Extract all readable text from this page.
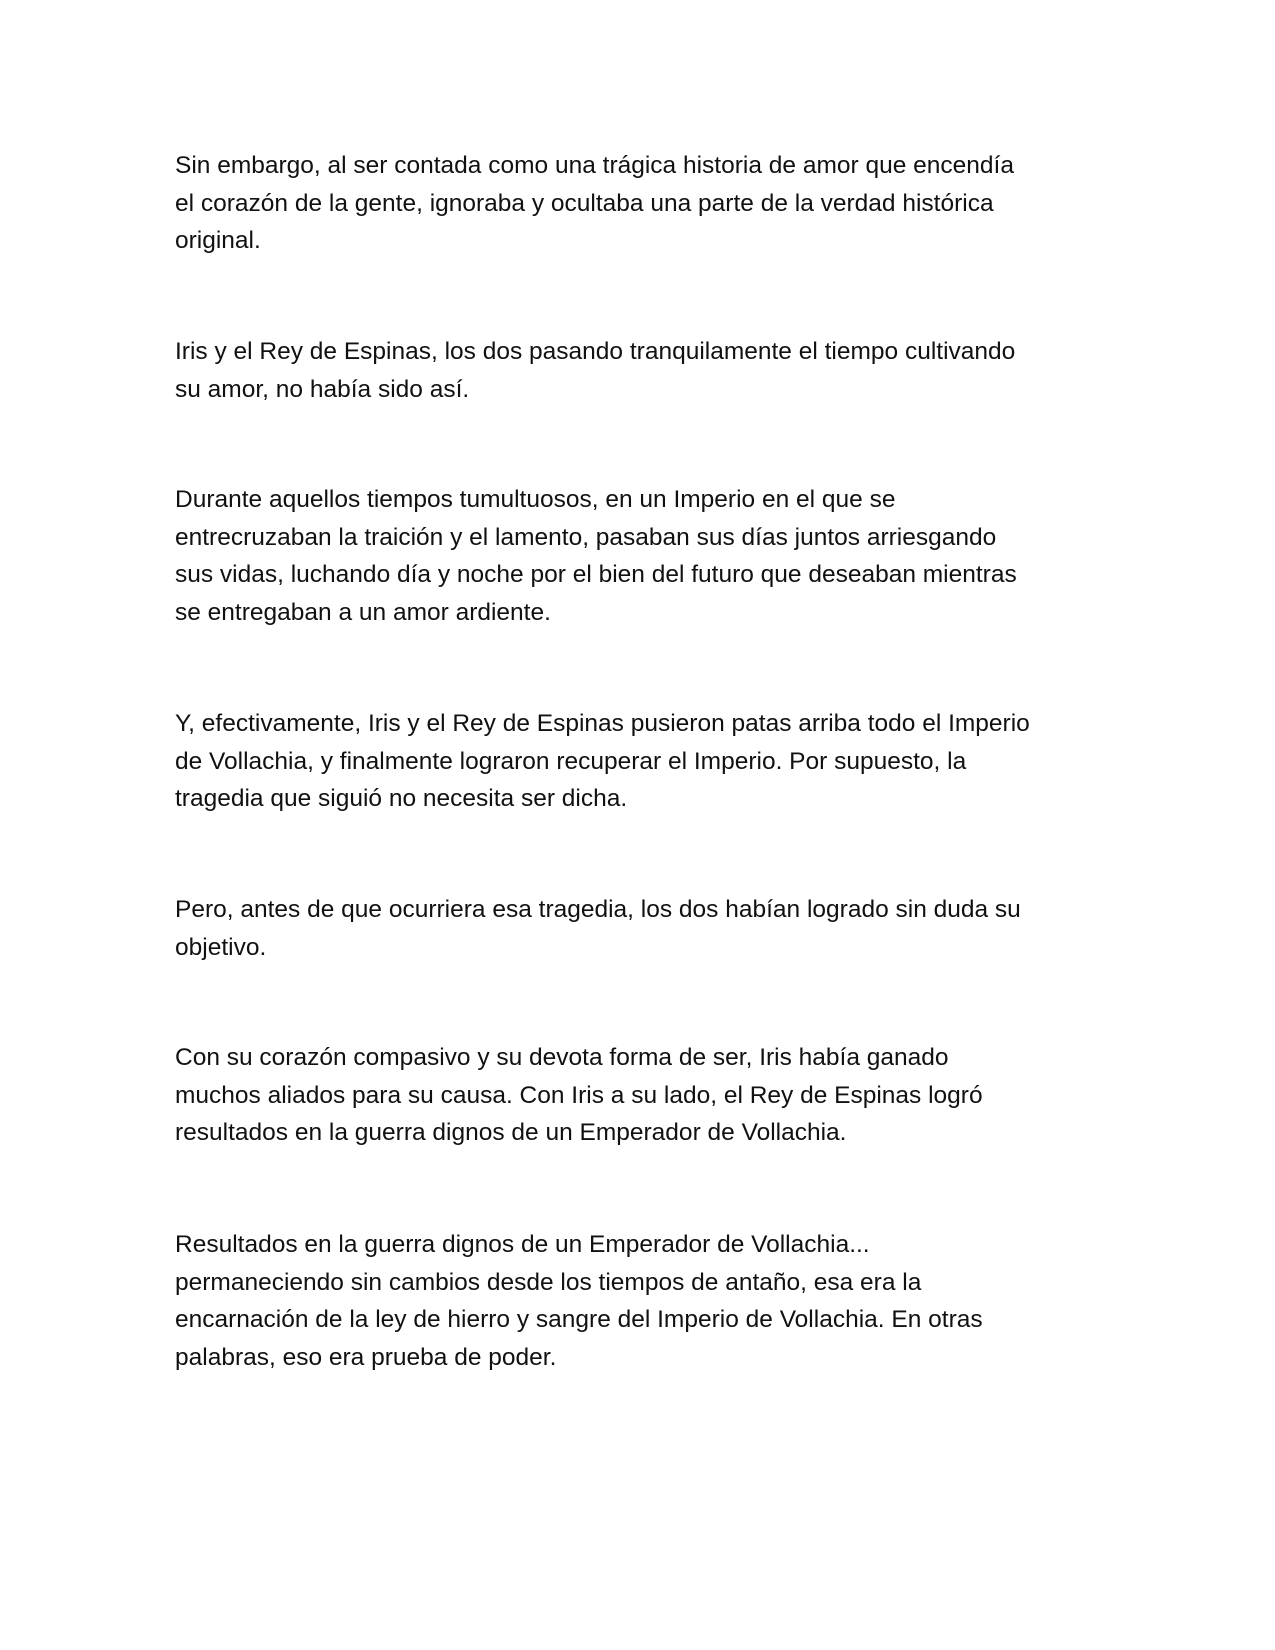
Sin embargo, al ser contada como una trágica historia de amor que encendía
el corazón de la gente, ignoraba y ocultaba una parte de la verdad histórica
original.

Iris y el Rey de Espinas, los dos pasando tranquilamente el tiempo cultivando
su amor, no había sido así.

Durante aquellos tiempos tumultuosos, en un Imperio en el que se
entrecruzaban la traición y el lamento, pasaban sus días juntos arriesgando
sus vidas, luchando día y noche por el bien del futuro que deseaban mientras
se entregaban a un amor ardiente.

Y, efectivamente, Iris y el Rey de Espinas pusieron patas arriba todo el Imperio
de Vollachia, y finalmente lograron recuperar el Imperio. Por supuesto, la
tragedia que siguió no necesita ser dicha.

Pero, antes de que ocurriera esa tragedia, los dos habían logrado sin duda su
objetivo.

Con su corazón compasivo y su devota forma de ser, Iris había ganado
muchos aliados para su causa. Con Iris a su lado, el Rey de Espinas logró
resultados en la guerra dignos de un Emperador de Vollachia.

Resultados en la guerra dignos de un Emperador de Vollachia...
permaneciendo sin cambios desde los tiempos de antaño, esa era la
encarnación de la ley de hierro y sangre del Imperio de Vollachia. En otras
palabras, eso era prueba de poder.
